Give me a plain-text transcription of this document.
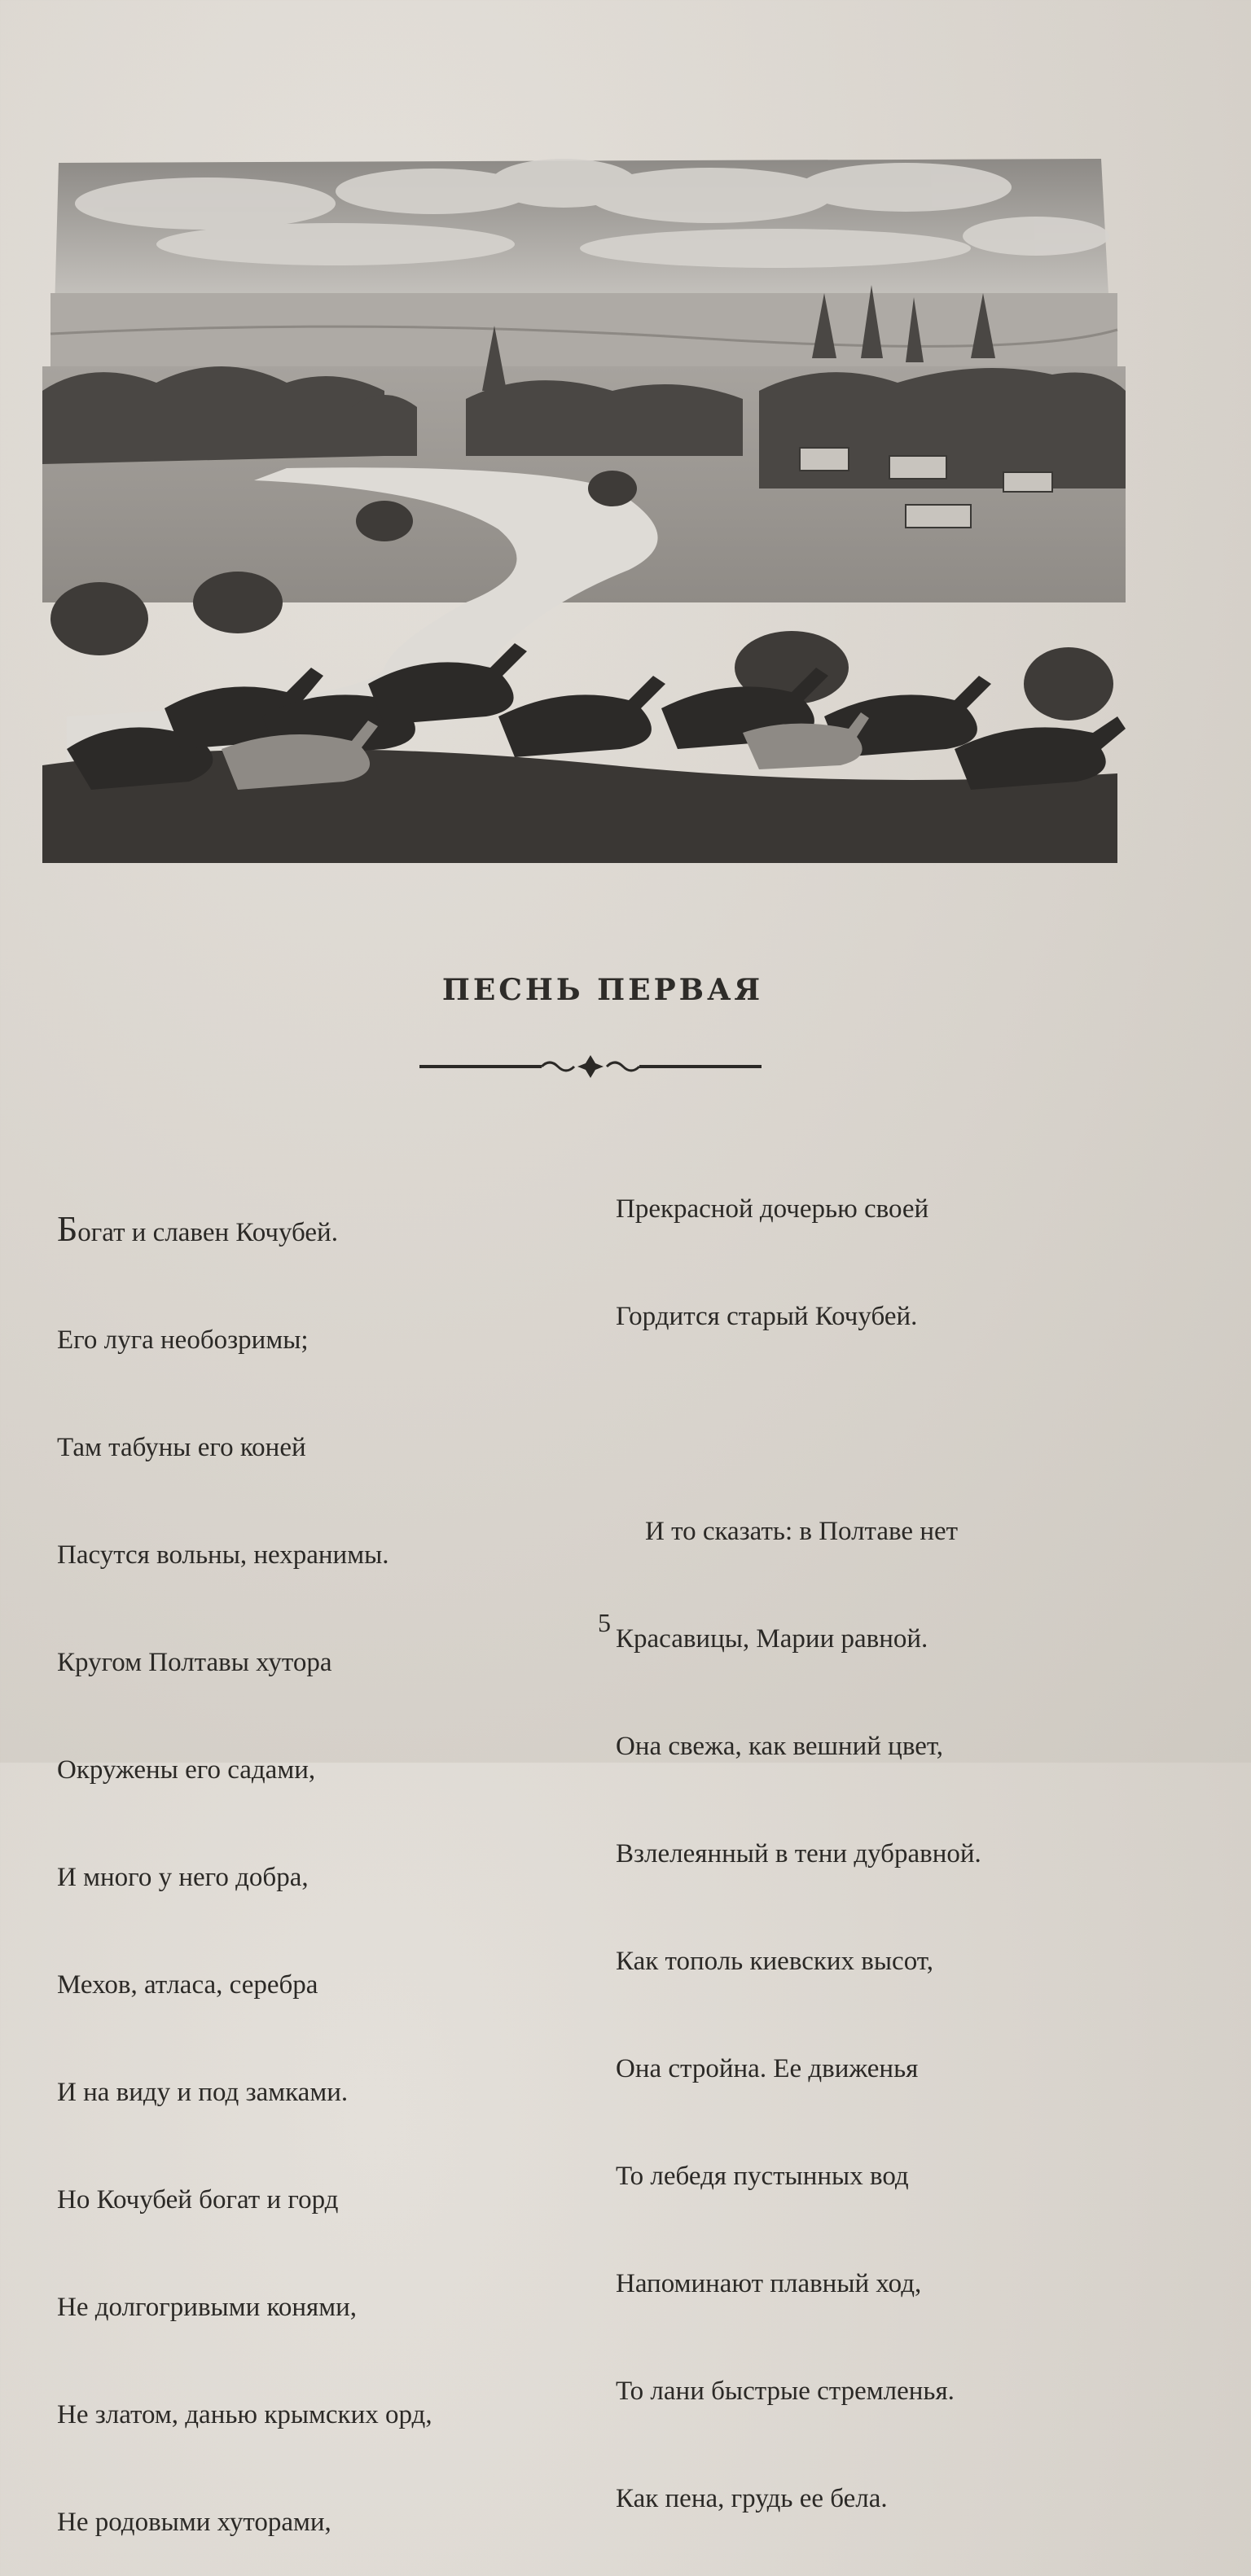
ПЕСНЬ ПЕРВАЯ

Богат и славен Кочубей.

Его луга необозримы;

Там табуны его коней

Пасутся вольны, нехранимы.

Кругом Полтавы хутора

Окружены его садами,

И много у него добра,

Мехов, атласа, серебра

И на виду и под замками.

Но Кочубей богат и горд

Не долгогривыми конями,

Не златом, данью крымских орд,

Не родовыми хуторами,

Прекрасной дочерью своей

Гордится старый Кочубей.

И то сказать: в Полтаве нет

Красавицы, Марии равной.

Она свежа, как вешний цвет,

Взлелеянный в тени дубравной.

Как тополь киевских высот,

Она стройна. Ее движенья

То лебедя пустынных вод

Напоминают плавный ход,

То лани быстрые стремленья.

Как пена, грудь ее бела.

5
